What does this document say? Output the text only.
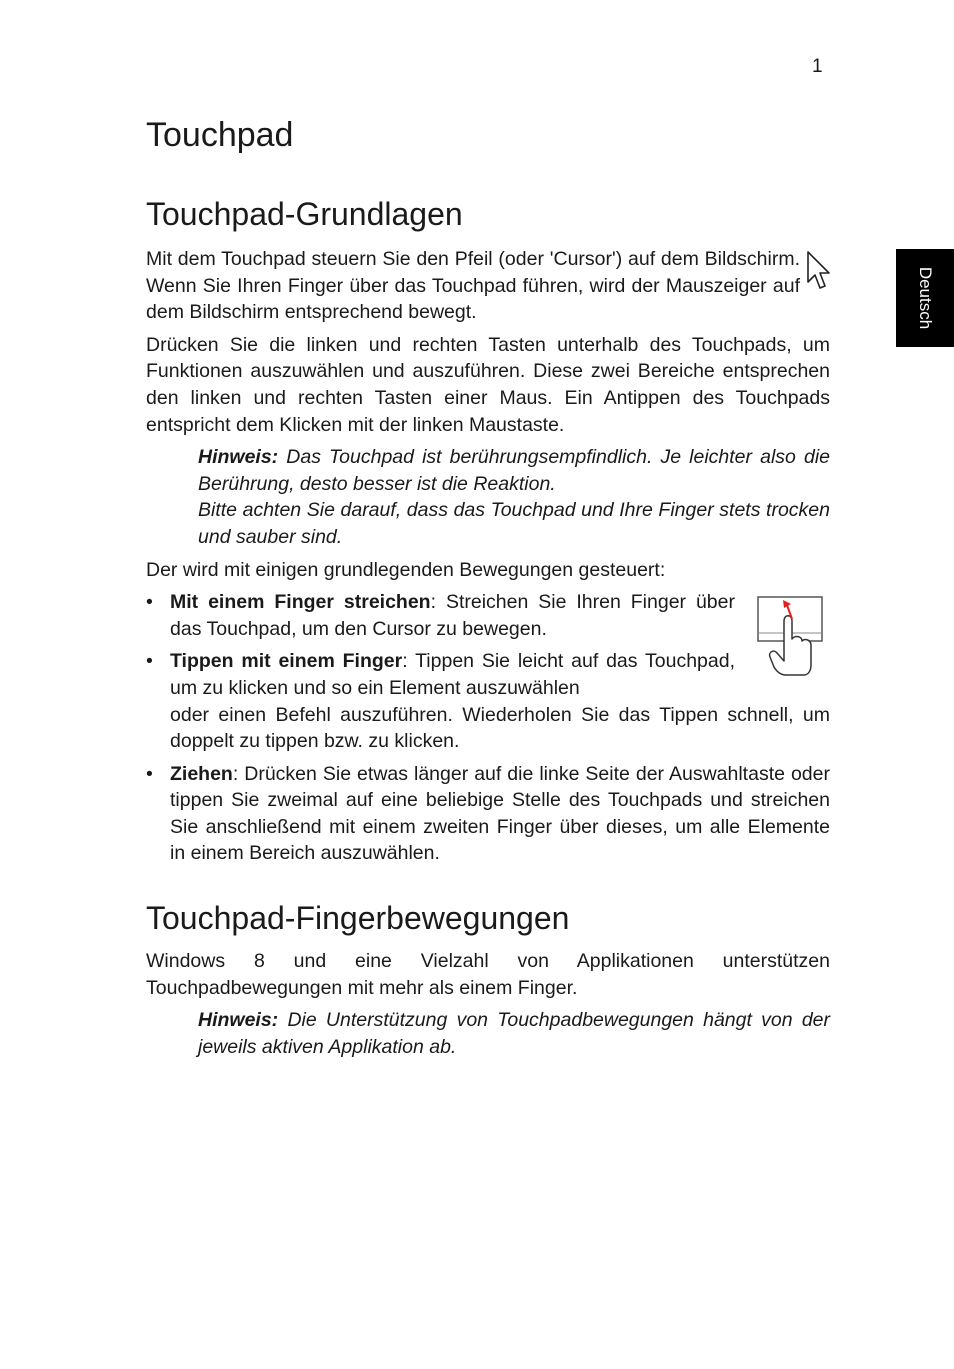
1
Deutsch
Touchpad
Touchpad-Grundlagen

Mit dem Touchpad steuern Sie den Pfeil (oder 'Cursor') auf dem Bildschirm. Wenn Sie Ihren Finger über das Touchpad führen, wird der Mauszeiger auf dem Bildschirm entsprechend bewegt.

Drücken Sie die linken und rechten Tasten unterhalb des Touchpads, um Funktionen auszuwählen und auszuführen. Diese zwei Bereiche entsprechen den linken und rechten Tasten einer Maus. Ein Antippen des Touchpads entspricht dem Klicken mit der linken Maustaste.

Hinweis: Das Touchpad ist berührungsempfindlich. Je leichter also die Berührung, desto besser ist die Reaktion.

Bitte achten Sie darauf, dass das Touchpad und Ihre Finger stets trocken und sauber sind.

Der wird mit einigen grundlegenden Bewegungen gesteuert:

• Mit einem Finger streichen: Streichen Sie Ihren Finger über das Touchpad, um den Cursor zu bewegen.
• Tippen mit einem Finger: Tippen Sie leicht auf das Touchpad, um zu klicken und so ein Element auszuwählen
oder einen Befehl auszuführen. Wiederholen Sie das Tippen schnell, um doppelt zu tippen bzw. zu klicken.
• Ziehen: Drücken Sie etwas länger auf die linke Seite der Auswahltaste oder tippen Sie zweimal auf eine beliebige Stelle des Touchpads und streichen Sie anschließend mit einem zweiten Finger über dieses, um alle Elemente in einem Bereich auszuwählen.
Touchpad-Fingerbewegungen

Windows 8 und eine Vielzahl von Applikationen unterstützen Touchpadbewegungen mit mehr als einem Finger.

Hinweis: Die Unterstützung von Touchpadbewegungen hängt von der jeweils aktiven Applikation ab.
